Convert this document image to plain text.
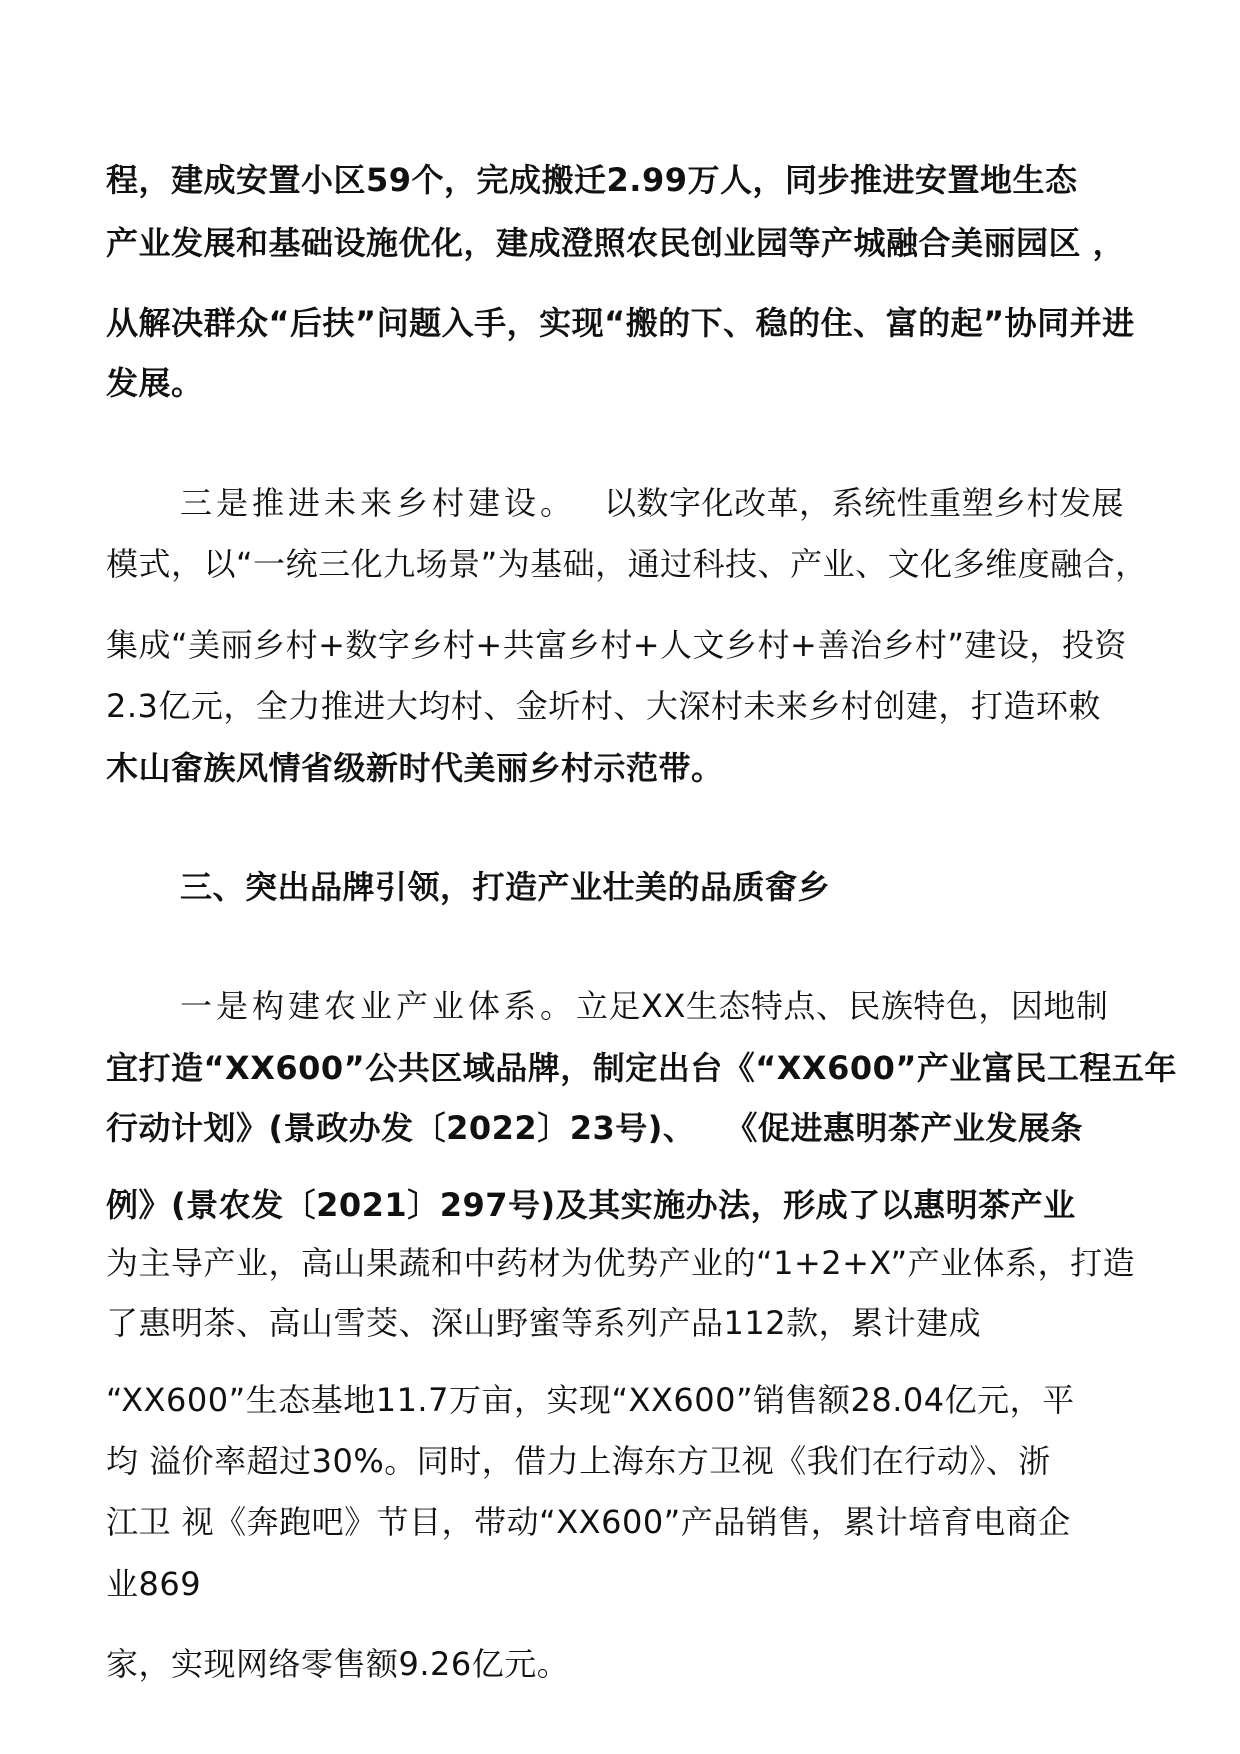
程，建成安置小区59个，完成搬迁2.99万人，同步推进安置地生态
产业发展和基础设施优化，建成澄照农民创业园等产城融合美丽园区 ，
从解决群众“后扶”问题入手，实现“搬的下、稳的住、富的起”协同并进
发展。
三是推进未来乡村建设。 以数字化改革，系统性重塑乡村发展
模式，以“一统三化九场景”为基础，通过科技、产业、文化多维度融合，
集成“美丽乡村+数字乡村+共富乡村+人文乡村+善治乡村”建设，投资
2.3亿元，全力推进大均村、金圻村、大深村未来乡村创建，打造环敕
木山畲族风情省级新时代美丽乡村示范带。
三、突出品牌引领，打造产业壮美的品质畲乡
一是构建农业产业体系。立足XX生态特点、民族特色，因地制
宜打造“XX600”公共区域品牌，制定出台《“XX600”产业富民工程五年
行动计划》(景政办发〔2022〕23号)、 《促进惠明茶产业发展条
例》(景农发〔2021〕297号)及其实施办法，形成了以惠明茶产业
为主导产业，高山果蔬和中药材为优势产业的“1+2+X”产业体系，打造
了惠明茶、高山雪茭、深山野蜜等系列产品112款，累计建成
“XX600”生态基地11.7万亩，实现“XX600”销售额28.04亿元，平
均 溢价率超过30%。同时，借力上海东方卫视《我们在行动》、浙
江卫 视《奔跑吧》节目，带动“XX600”产品销售，累计培育电商企
业869
家，实现网络零售额9.26亿元。
